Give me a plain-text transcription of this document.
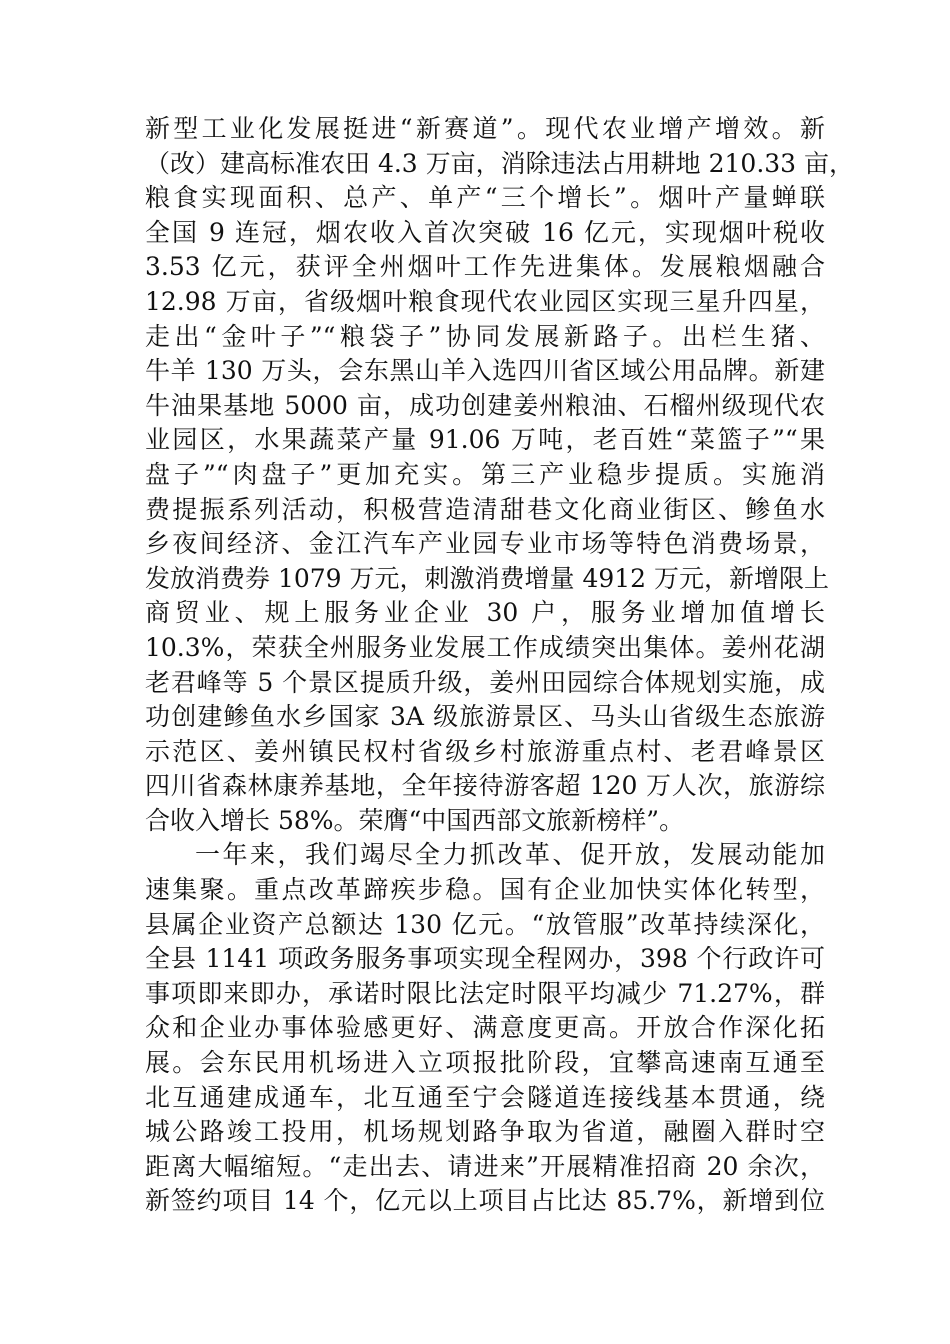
新型工业化发展挺进“新赛道”。现代农业增产增效。新
（改）建高标准农田 4.3 万亩，消除违法占用耕地 210.33 亩，
粮食实现面积、总产、单产“三个增长”。烟叶产量蝉联
全国 9 连冠，烟农收入首次突破 16 亿元，实现烟叶税收
3.53 亿元，获评全州烟叶工作先进集体。发展粮烟融合
12.98 万亩，省级烟叶粮食现代农业园区实现三星升四星，
走出“金叶子”“粮袋子”协同发展新路子。出栏生猪、
牛羊 130 万头，会东黑山羊入选四川省区域公用品牌。新建
牛油果基地 5000 亩，成功创建姜州粮油、石榴州级现代农
业园区，水果蔬菜产量 91.06 万吨，老百姓“菜篮子”“果
盘子”“肉盘子”更加充实。第三产业稳步提质。实施消
费提振系列活动，积极营造清甜巷文化商业街区、鲹鱼水
乡夜间经济、金江汽车产业园专业市场等特色消费场景，
发放消费券 1079 万元，刺激消费增量 4912 万元，新增限上
商贸业、规上服务业企业 30 户，服务业增加值增长
10.3%，荣获全州服务业发展工作成绩突出集体。姜州花湖
老君峰等 5 个景区提质升级，姜州田园综合体规划实施，成
功创建鲹鱼水乡国家 3A 级旅游景区、马头山省级生态旅游
示范区、姜州镇民权村省级乡村旅游重点村、老君峰景区
四川省森林康养基地，全年接待游客超 120 万人次，旅游综
合收入增长 58%。荣膺“中国西部文旅新榜样”。
一年来，我们竭尽全力抓改革、促开放，发展动能加
速集聚。重点改革蹄疾步稳。国有企业加快实体化转型，
县属企业资产总额达 130 亿元。“放管服”改革持续深化，
全县 1141 项政务服务事项实现全程网办，398 个行政许可
事项即来即办，承诺时限比法定时限平均减少 71.27%，群
众和企业办事体验感更好、满意度更高。开放合作深化拓
展。会东民用机场进入立项报批阶段，宜攀高速南互通至
北互通建成通车，北互通至宁会隧道连接线基本贯通，绕
城公路竣工投用，机场规划路争取为省道，融圈入群时空
距离大幅缩短。“走出去、请进来”开展精准招商 20 余次，
新签约项目 14 个，亿元以上项目占比达 85.7%，新增到位
